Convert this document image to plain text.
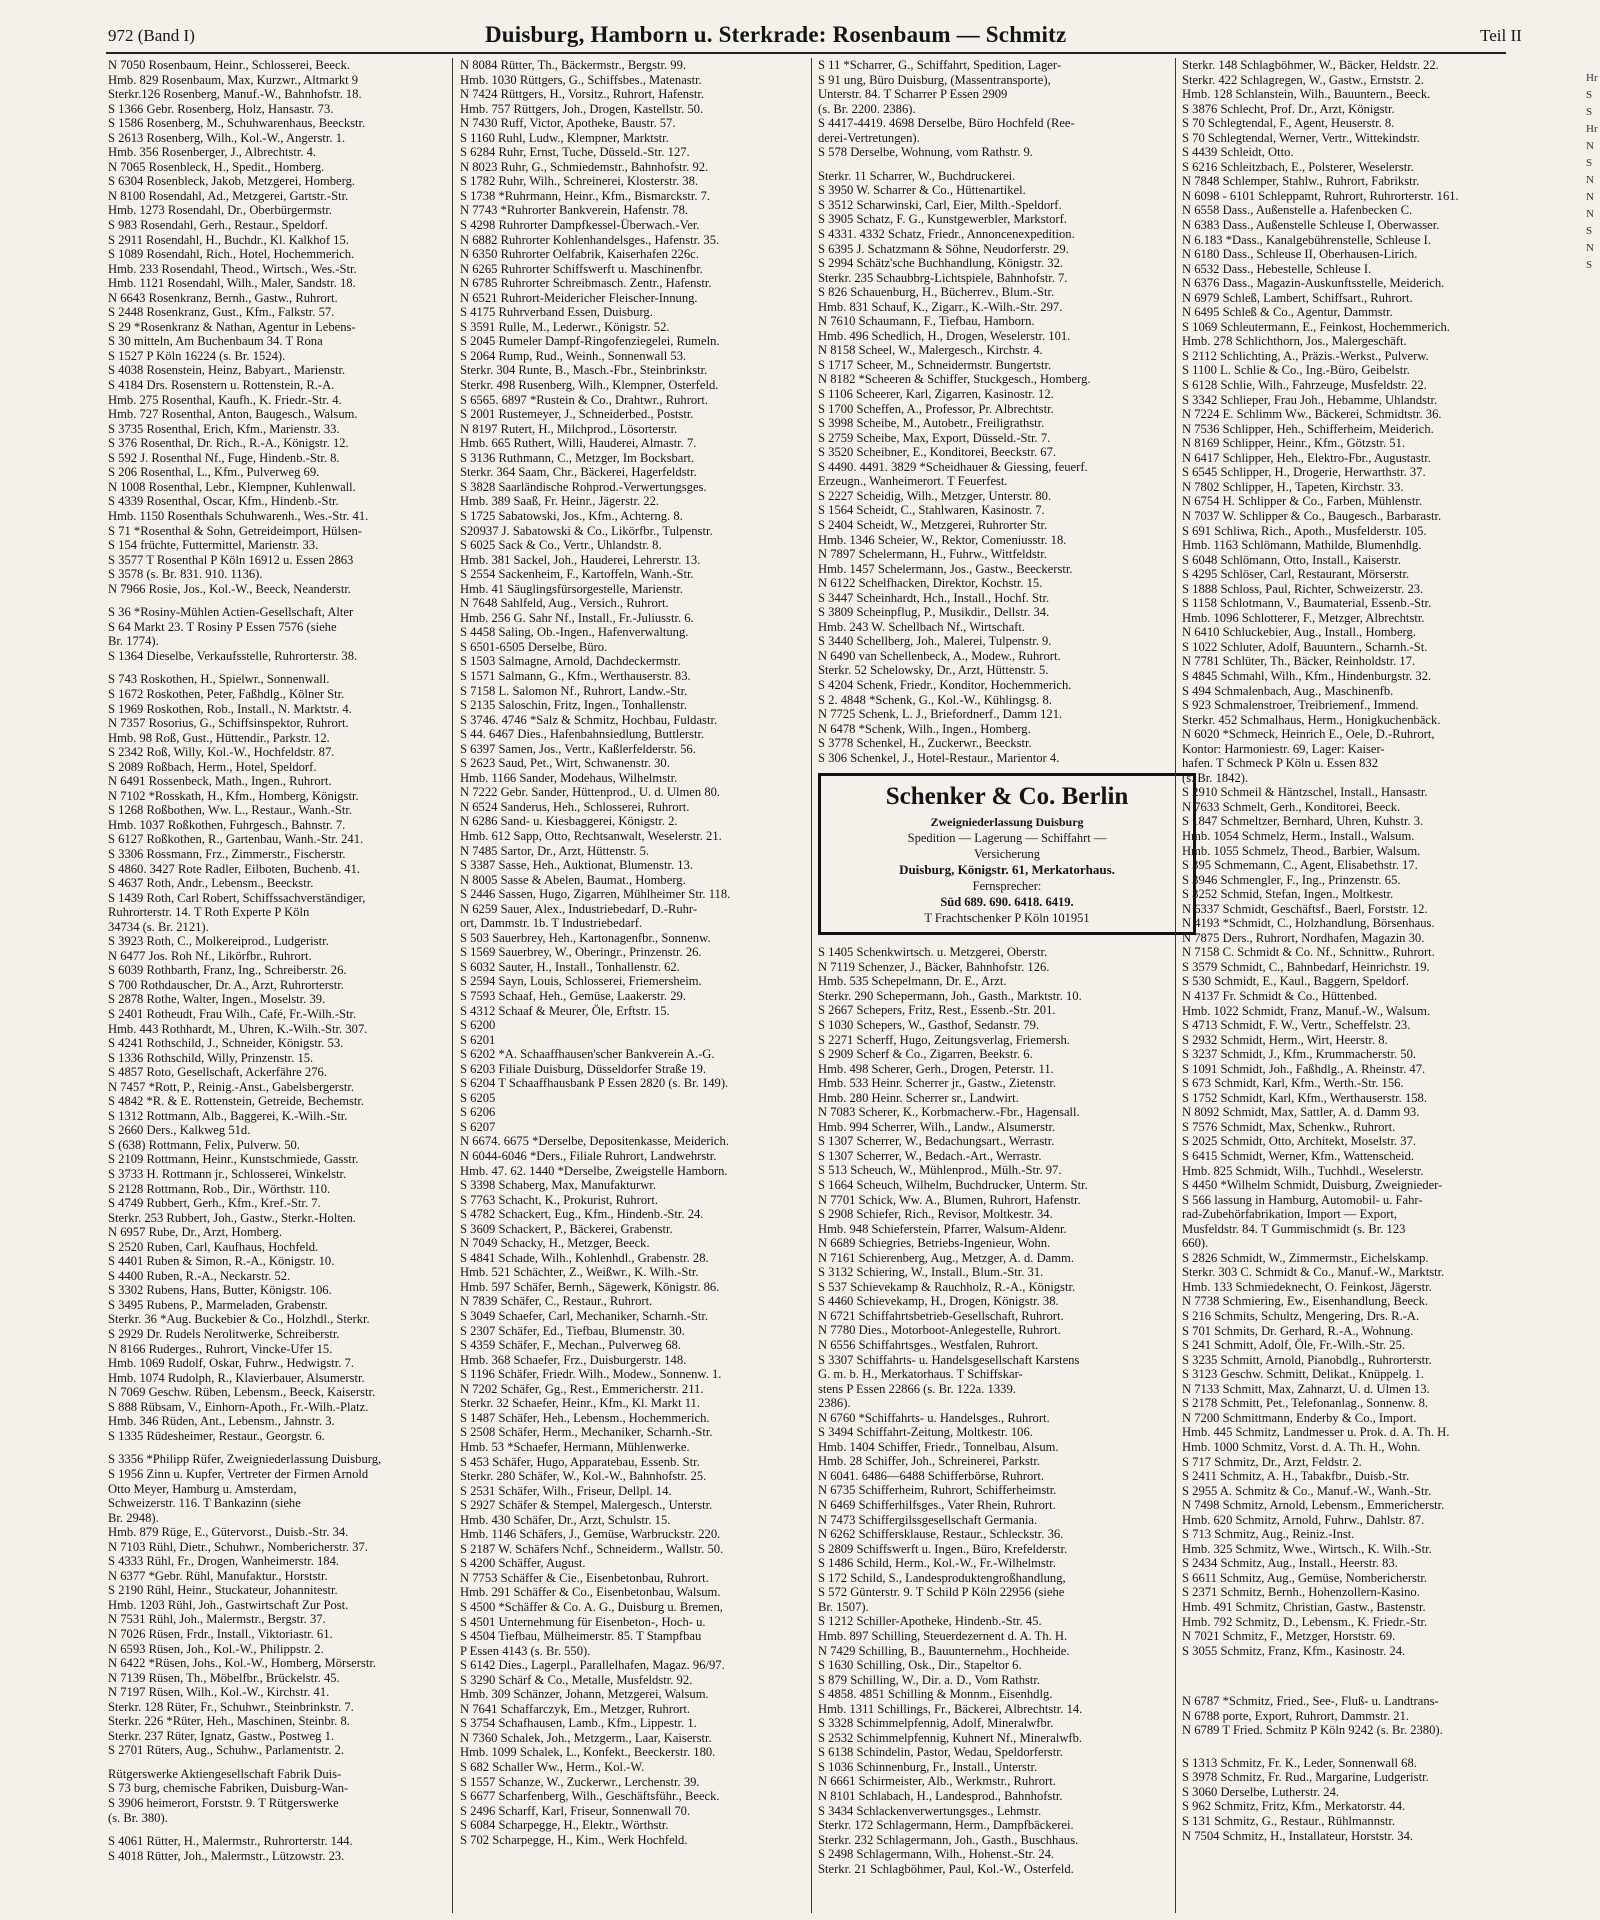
972 (Band I)	Duisburg, Hamborn u. Sterkrade: Rosenbaum — Schmitz	Teil II
N 7050 Rosenbaum, Heinr., Schlosserei, Beeck.
Hmb. 829 Rosenbaum, Max, Kurzwr., Altmarkt 9
Sterkr.126 Rosenberg, Manuf.-W., Bahnhofstr. 18.
S 1366 Gebr. Rosenberg, Holz, Hansastr. 73.
S 1586 Rosenberg, M., Schuhwarenhaus, Beeckstr.
S 2613 Rosenberg, Wilh., Kol.-W., Angerstr. 1.
Hmb. 356 Rosenberger, J., Albrechtstr. 4.
N 7065 Rosenbleck, H., Spedit., Homberg.
S 6304 Rosenbleck, Jakob, Metzgerei, Homberg.
N 8100 Rosendahl, Ad., Metzgerei, Gartstr.-Str.
Hmb. 1273 Rosendahl, Dr., Oberbürgermstr.
S 983 Rosendahl, Gerh., Restaur., Speldorf.
S 2911 Rosendahl, H., Buchdr., Kl. Kalkhof 15.
S 1089 Rosendahl, Rich., Hotel, Hochemmerich.
Hmb. 233 Rosendahl, Theod., Wirtsch., Wes.-Str.
Hmb. 1121 Rosendahl, Wilh., Maler, Sandstr. 18.
N 6643 Rosenkranz, Bernh., Gastw., Ruhrort.
S 2448 Rosenkranz, Gust., Kfm., Falkstr. 57.
S 29 *Rosenkranz & Nathan, Agentur in Lebens-
S 30 mitteln, Am Buchenbaum 34. T Rona
S 1527 P Köln 16224 (s. Br. 1524).
S 4038 Rosenstein, Heinz, Babyart., Marienstr.
S 4184 Drs. Rosenstern u. Rottenstein, R.-A.
Hmb. 275 Rosenthal, Kaufh., K. Friedr.-Str. 4.
Hmb. 727 Rosenthal, Anton, Baugesch., Walsum.
S 3735 Rosenthal, Erich, Kfm., Marienstr. 33.
S 376 Rosenthal, Dr. Rich., R.-A., Königstr. 12.
S 592 J. Rosenthal Nf., Fuge, Hindenb.-Str. 8.
S 206 Rosenthal, L., Kfm., Pulverweg 69.
N 1008 Rosenthal, Lebr., Klempner, Kuhlenwall.
S 4339 Rosenthal, Oscar, Kfm., Hindenb.-Str.
Hmb. 1150 Rosenthals Schuhwarenh., Wes.-Str. 41.
S 71 *Rosenthal & Sohn, Getreideimport, Hülsen-
S 154 früchte, Futtermittel, Marienstr. 33.
S 3577 T Rosenthal P Köln 16912 u. Essen 2863
S 3578 (s. Br. 831. 910. 1136).
N 7966 Rosie, Jos., Kol.-W., Beeck, Neanderstr.
S 36 *Rosiny-Mühlen Actien-Gesellschaft, Alter
S 64 Markt 23. T Rosiny P Essen 7576 (siehe
Br. 1774).
S 1364 Dieselbe, Verkaufsstelle, Ruhrorterstr. 38.
S 743 Roskothen, H., Spielwr., Sonnenwall.
S 1672 Roskothen, Peter, Faßhdlg., Kölner Str.
S 1969 Roskothen, Rob., Install., N. Marktstr. 4.
N 7357 Rosorius, G., Schiffsinspektor, Ruhrort.
Hmb. 98 Roß, Gust., Hüttendir., Parkstr. 12.
S 2342 Roß, Willy, Kol.-W., Hochfeldstr. 87.
S 2089 Roßbach, Herm., Hotel, Speldorf.
N 6491 Rossenbeck, Math., Ingen., Ruhrort.
N 7102 *Rosskath, H., Kfm., Homberg, Königstr.
S 1268 Roßbothen, Ww. L., Restaur., Wanh.-Str.
Hmb. 1037 Roßkothen, Fuhrgesch., Bahnstr. 7.
S 6127 Roßkothen, R., Gartenbau, Wanh.-Str. 241.
S 3306 Rossmann, Frz., Zimmerstr., Fischerstr.
S 4860. 3427 Rote Radler, Eilboten, Buchenb. 41.
S 4637 Roth, Andr., Lebensm., Beeckstr.
S 1439 Roth, Carl Robert, Schiffssachverständiger,
Ruhrorterstr. 14. T Roth Experte P Köln
34734 (s. Br. 2121).
S 3923 Roth, C., Molkereiprod., Ludgeristr.
N 6477 Jos. Roh Nf., Likörfbr., Ruhrort.
S 6039 Rothbarth, Franz, Ing., Schreiberstr. 26.
S 700 Rothdauscher, Dr. A., Arzt, Ruhrorterstr.
S 2878 Rothe, Walter, Ingen., Moselstr. 39.
S 2401 Rotheudt, Frau Wilh., Café, Fr.-Wilh.-Str.
Hmb. 443 Rothhardt, M., Uhren, K.-Wilh.-Str. 307.
S 4241 Rothschild, J., Schneider, Königstr. 53.
S 1336 Rothschild, Willy, Prinzenstr. 15.
S 4857 Roto, Gesellschaft, Ackerfähre 276.
N 7457 *Rott, P., Reinig.-Anst., Gabelsbergerstr.
S 4842 *R. & E. Rottenstein, Getreide, Bechemstr.
S 1312 Rottmann, Alb., Baggerei, K.-Wilh.-Str.
S 2660 Ders., Kalkweg 51d.
S (638) Rottmann, Felix, Pulverw. 50.
S 2109 Rottmann, Heinr., Kunstschmiede, Gasstr.
S 3733 H. Rottmann jr., Schlosserei, Winkelstr.
S 2128 Rottmann, Rob., Dir., Wörthstr. 110.
S 4749 Rubbert, Gerh., Kfm., Kref.-Str. 7.
Sterkr. 253 Rubbert, Joh., Gastw., Sterkr.-Holten.
N 6957 Rube, Dr., Arzt, Homberg.
S 2520 Ruben, Carl, Kaufhaus, Hochfeld.
S 4401 Ruben & Simon, R.-A., Königstr. 10.
S 4400 Ruben, R.-A., Neckarstr. 52.
S 3302 Rubens, Hans, Butter, Königstr. 106.
S 3495 Rubens, P., Marmeladen, Grabenstr.
Sterkr. 36 *Aug. Buckebier & Co., Holzhdl., Sterkr.
S 2929 Dr. Rudels Nerolitwerke, Schreiberstr.
N 8166 Ruderges., Ruhrort, Vincke-Ufer 15.
Hmb. 1069 Rudolf, Oskar, Fuhrw., Hedwigstr. 7.
Hmb. 1074 Rudolph, R., Klavierbauer, Alsumerstr.
N 7069 Geschw. Rüben, Lebensm., Beeck, Kaiserstr.
S 888 Rübsam, V., Einhorn-Apoth., Fr.-Wilh.-Platz.
Hmb. 346 Rüden, Ant., Lebensm., Jahnstr. 3.
S 1335 Rüdesheimer, Restaur., Georgstr. 6.
S 3356 *Philipp Rüfer, Zweigniederlassung Duisburg,
S 1956 Zinn u. Kupfer, Vertreter der Firmen Arnold
Otto Meyer, Hamburg u. Amsterdam,
Schweizerstr. 116. T Bankazinn (siehe
Br. 2948).
Hmb. 879 Rüge, E., Gütervorst., Duisb.-Str. 34.
N 7103 Rühl, Dietr., Schuhwr., Nombericherstr. 37.
S 4333 Rühl, Fr., Drogen, Wanheimerstr. 184.
N 6377 *Gebr. Rühl, Manufaktur., Horststr.
S 2190 Rühl, Heinr., Stuckateur, Johannitestr.
Hmb. 1203 Rühl, Joh., Gastwirtschaft Zur Post.
N 7531 Rühl, Joh., Malermstr., Bergstr. 37.
N 7026 Rüsen, Frdr., Install., Viktoriastr. 61.
N 6593 Rüsen, Joh., Kol.-W., Philippstr. 2.
N 6422 *Rüsen, Johs., Kol.-W., Homberg, Mörserstr.
N 7139 Rüsen, Th., Möbelfbr., Brückelstr. 45.
N 7197 Rüsen, Wilh., Kol.-W., Kirchstr. 41.
Sterkr. 128 Rüter, Fr., Schuhwr., Steinbrinkstr. 7.
Sterkr. 226 *Rüter, Heh., Maschinen, Steinbr. 8.
Sterkr. 237 Rüter, Ignatz, Gastw., Postweg 1.
S 2701 Rüters, Aug., Schuhw., Parlamentstr. 2.
Rütgerswerke Aktiengesellschaft Fabrik Duis-
S 73 burg, chemische Fabriken, Duisburg-Wan-
S 3906 heimerort, Forststr. 9. T Rütgerswerke
(s. Br. 380).
S 4061 Rütter, H., Malermstr., Ruhrorterstr. 144.
S 4018 Rütter, Joh., Malermstr., Lützowstr. 23.
N 8084 Rütter, Th., Bäckermstr., Bergstr. 99.
Hmb. 1030 Rüttgers, G., Schiffsbes., Matenastr.
N 7424 Rüttgers, H., Vorsitz., Ruhrort, Hafenstr.
Hmb. 757 Rüttgers, Joh., Drogen, Kastellstr. 50.
N 7430 Ruff, Victor, Apotheke, Baustr. 57.
S 1160 Ruhl, Ludw., Klempner, Marktstr.
S 6284 Ruhr, Ernst, Tuche, Düsseld.-Str. 127.
N 8023 Ruhr, G., Schmiedemstr., Bahnhofstr. 92.
S 1782 Ruhr, Wilh., Schreinerei, Klosterstr. 38.
S 1738 *Ruhrmann, Heinr., Kfm., Bismarckstr. 7.
N 7743 *Ruhrorter Bankverein, Hafenstr. 78.
S 4298 Ruhrorter Dampfkessel-Überwach.-Ver.
N 6882 Ruhrorter Kohlenhandelsges., Hafenstr. 35.
N 6350 Ruhrorter Oelfabrik, Kaiserhafen 226c.
N 6265 Ruhrorter Schiffswerft u. Maschinenfbr.
N 6785 Ruhrorter Schreibmasch. Zentr., Hafenstr.
N 6521 Ruhrort-Meidericher Fleischer-Innung.
S 4175 Ruhrverband Essen, Duisburg.
S 3591 Rulle, M., Lederwr., Königstr. 52.
S 2045 Rumeler Dampf-Ringofenziegelei, Rumeln.
S 2064 Rump, Rud., Weinh., Sonnenwall 53.
Sterkr. 304 Runte, B., Masch.-Fbr., Steinbrinkstr.
Sterkr. 498 Rusenberg, Wilh., Klempner, Osterfeld.
S 6565. 6897 *Rustein & Co., Drahtwr., Ruhrort.
S 2001 Rustemeyer, J., Schneiderbed., Poststr.
N 8197 Rutert, H., Milchprod., Lösorterstr.
Hmb. 665 Ruthert, Willi, Hauderei, Almastr. 7.
S 3136 Ruthmann, C., Metzger, Im Bocksbart.
Sterkr. 364 Saam, Chr., Bäckerei, Hagerfeldstr.
S 3828 Saarländische Rohprod.-Verwertungsges.
Hmb. 389 Saaß, Fr. Heinr., Jägerstr. 22.
S 1725 Sabatowski, Jos., Kfm., Achterng. 8.
S20937 J. Sabatowski & Co., Likörfbr., Tulpenstr.
S 6025 Sack & Co., Vertr., Uhlandstr. 8.
Hmb. 381 Sackel, Joh., Hauderei, Lehrerstr. 13.
S 2554 Sackenheim, F., Kartoffeln, Wanh.-Str.
Hmb. 41 Säuglingsfürsorgestelle, Marienstr.
N 7648 Sahlfeld, Aug., Versich., Ruhrort.
Hmb. 256 G. Sahr Nf., Install., Fr.-Juliusstr. 6.
S 4458 Saling, Ob.-Ingen., Hafenverwaltung.
S 6501-6505 Derselbe, Büro.
S 1503 Salmagne, Arnold, Dachdeckermstr.
S 1571 Salmann, G., Kfm., Werthauserstr. 83.
S 7158 L. Salomon Nf., Ruhrort, Landw.-Str.
S 2135 Saloschin, Fritz, Ingen., Tonhallenstr.
S 3746. 4746 *Salz & Schmitz, Hochbau, Fuldastr.
S 44. 6467 Dies., Hafenbahnsiedlung, Buttlerstr.
S 6397 Samen, Jos., Vertr., Kaßlerfelderstr. 56.
S 2623 Saud, Pet., Wirt, Schwanenstr. 30.
Hmb. 1166 Sander, Modehaus, Wilhelmstr.
N 7222 Gebr. Sander, Hüttenprod., U. d. Ulmen 80.
N 6524 Sanderus, Heh., Schlosserei, Ruhrort.
N 6286 Sand- u. Kiesbaggerei, Königstr. 2.
Hmb. 612 Sapp, Otto, Rechtsanwalt, Weselerstr. 21.
N 7485 Sartor, Dr., Arzt, Hüttenstr. 5.
S 3387 Sasse, Heh., Auktionat, Blumenstr. 13.
N 8005 Sasse & Abelen, Baumat., Homberg.
S 2446 Sassen, Hugo, Zigarren, Mühlheimer Str. 118.
N 6259 Sauer, Alex., Industriebedarf, D.-Ruhr-
ort, Dammstr. 1b. T Industriebedarf.
S 503 Sauerbrey, Heh., Kartonagenfbr., Sonnenw.
S 1569 Sauerbrey, W., Oberingr., Prinzenstr. 26.
S 6032 Sauter, H., Install., Tonhallenstr. 62.
S 2594 Sayn, Louis, Schlosserei, Friemersheim.
S 7593 Schaaf, Heh., Gemüse, Laakerstr. 29.
S 4312 Schaaf & Meurer, Öle, Erftstr. 15.
S 6200
S 6201
S 6202 *A. Schaaffhausen'scher Bankverein A.-G.
S 6203 Filiale Duisburg, Düsseldorfer Straße 19.
S 6204 T Schaaffhausbank P Essen 2820 (s. Br. 149).
S 6205
S 6206
S 6207
N 6674. 6675 *Derselbe, Depositenkasse, Meiderich.
N 6044-6046 *Ders., Filiale Ruhrort, Landwehrstr.
Hmb. 47. 62. 1440 *Derselbe, Zweigstelle Hamborn.
S 3398 Schaberg, Max, Manufakturwr.
S 7763 Schacht, K., Prokurist, Ruhrort.
S 4782 Schackert, Eug., Kfm., Hindenb.-Str. 24.
S 3609 Schackert, P., Bäckerei, Grabenstr.
N 7049 Schacky, H., Metzger, Beeck.
S 4841 Schade, Wilh., Kohlenhdl., Grabenstr. 28.
Hmb. 521 Schächter, Z., Weißwr., K. Wilh.-Str.
Hmb. 597 Schäfer, Bernh., Sägewerk, Königstr. 86.
N 7839 Schäfer, C., Restaur., Ruhrort.
S 3049 Schaefer, Carl, Mechaniker, Scharnh.-Str.
S 2307 Schäfer, Ed., Tiefbau, Blumenstr. 30.
S 4359 Schäfer, F., Mechan., Pulverweg 68.
Hmb. 368 Schaefer, Frz., Duisburgerstr. 148.
S 1196 Schäfer, Friedr. Wilh., Modew., Sonnenw. 1.
N 7202 Schäfer, Gg., Rest., Emmericherstr. 211.
Sterkr. 32 Schaefer, Heinr., Kfm., Kl. Markt 11.
S 1487 Schäfer, Heh., Lebensm., Hochemmerich.
S 2508 Schäfer, Herm., Mechaniker, Scharnh.-Str.
Hmb. 53 *Schaefer, Hermann, Mühlenwerke.
S 453 Schäfer, Hugo, Apparatebau, Essenb. Str.
Sterkr. 280 Schäfer, W., Kol.-W., Bahnhofstr. 25.
S 2531 Schäfer, Wilh., Friseur, Dellpl. 14.
S 2927 Schäfer & Stempel, Malergesch., Unterstr.
Hmb. 430 Schäfer, Dr., Arzt, Schulstr. 15.
Hmb. 1146 Schäfers, J., Gemüse, Warbruckstr. 220.
S 2187 W. Schäfers Nchf., Schneiderm., Wallstr. 50.
S 4200 Schäffer, August.
N 7753 Schäffer & Cie., Eisenbetonbau, Ruhrort.
Hmb. 291 Schäffer & Co., Eisenbetonbau, Walsum.
S 4500 *Schäffer & Co. A. G., Duisburg u. Bremen,
S 4501 Unternehmung für Eisenbeton-, Hoch- u.
S 4504 Tiefbau, Mülheimerstr. 85. T Stampfbau
P Essen 4143 (s. Br. 550).
S 6142 Dies., Lagerpl., Parallelhafen, Magaz. 96/97.
S 3290 Schärf & Co., Metalle, Musfeldstr. 92.
Hmb. 309 Schänzer, Johann, Metzgerei, Walsum.
N 7641 Schaffarczyk, Em., Metzger, Ruhrort.
S 3754 Schafhausen, Lamb., Kfm., Lippestr. 1.
N 7360 Schalek, Joh., Metzgerm., Laar, Kaiserstr.
Hmb. 1099 Schalek, L., Konfekt., Beeckerstr. 180.
S 682 Schaller Ww., Herm., Kol.-W.
S 1557 Schanze, W., Zuckerwr., Lerchenstr. 39.
S 6677 Scharfenberg, Wilh., Geschäftsführ., Beeck.
S 2496 Scharff, Karl, Friseur, Sonnenwall 70.
S 6084 Scharpegge, H., Elektr., Wörthstr.
S 702 Scharpegge, H., Kim., Werk Hochfeld.
S 11 *Scharrer, G., Schiffahrt, Spedition, Lager-
S 91 ung, Büro Duisburg, (Massentransporte),
Unterstr. 84. T Scharrer P Essen 2909
(s. Br. 2200. 2386).
S 4417-4419. 4698 Derselbe, Büro Hochfeld (Ree-
derei-Vertretungen).
S 578 Derselbe, Wohnung, vom Rathstr. 9.
Sterkr. 11 Scharrer, W., Buchdruckerei.
S 3950 W. Scharrer & Co., Hüttenartikel.
S 3512 Scharwinski, Carl, Eier, Milth.-Speldorf.
S 3905 Schatz, F. G., Kunstgewerbler, Markstorf.
S 4331. 4332 Schatz, Friedr., Annoncenexpedition.
S 6395 J. Schatzmann & Söhne, Neudorferstr. 29.
S 2994 Schätz'sche Buchhandlung, Königstr. 32.
Sterkr. 235 Schaubbrg-Lichtspiele, Bahnhofstr. 7.
S 826 Schauenburg, H., Bücherrev., Blum.-Str.
Hmb. 831 Schauf, K., Zigarr., K.-Wilh.-Str. 297.
N 7610 Schaumann, F., Tiefbau, Hamborn.
Hmb. 496 Schedlich, H., Drogen, Weselerstr. 101.
N 8158 Scheel, W., Malergesch., Kirchstr. 4.
S 1717 Scheer, M., Schneidermstr. Bungertstr.
N 8182 *Scheeren & Schiffer, Stuckgesch., Homberg.
S 1106 Scheerer, Karl, Zigarren, Kasinostr. 12.
S 1700 Scheffen, A., Professor, Pr. Albrechtstr.
S 3998 Scheibe, M., Autobetr., Freiligrathstr.
S 2759 Scheibe, Max, Export, Düsseld.-Str. 7.
S 3520 Scheibner, E., Konditorei, Beeckstr. 67.
S 4490. 4491. 3829 *Scheidhauer & Giessing, feuerf.
Erzeugn., Wanheimerort. T Feuerfest.
S 2227 Scheidig, Wilh., Metzger, Unterstr. 80.
S 1564 Scheidt, C., Stahlwaren, Kasinostr. 7.
S 2404 Scheidt, W., Metzgerei, Ruhrorter Str.
Hmb. 1346 Scheier, W., Rektor, Comeniusstr. 18.
N 7897 Schelermann, H., Fuhrw., Wittfeldstr.
Hmb. 1457 Schelermann, Jos., Gastw., Beeckerstr.
N 6122 Schelfhacken, Direktor, Kochstr. 15.
S 3447 Scheinhardt, Hch., Install., Hochf. Str.
S 3809 Scheinpflug, P., Musikdir., Dellstr. 34.
Hmb. 243 W. Schellbach Nf., Wirtschaft.
S 3440 Schellberg, Joh., Malerei, Tulpenstr. 9.
N 6490 van Schellenbeck, A., Modew., Ruhrort.
Sterkr. 52 Schelowsky, Dr., Arzt, Hüttenstr. 5.
S 4204 Schenk, Friedr., Konditor, Hochemmerich.
S 2. 4848 *Schenk, G., Kol.-W., Kühlingsg. 8.
N 7725 Schenk, L. J., Briefordnerf., Damm 121.
N 6478 *Schenk, Wilh., Ingen., Homberg.
S 3778 Schenkel, H., Zuckerwr., Beeckstr.
S 306 Schenkel, J., Hotel-Restaur., Marientor 4.
Schenker & Co. Berlin
Zweigniederlassung Duisburg
Spedition — Lagerung — Schiffahrt —
Versicherung
Duisburg, Königstr. 61, Merkatorhaus.
Fernsprecher:
Süd 689. 690. 6418. 6419.
T Frachtschenker P Köln 101951
S 1405 Schenkwirtsch. u. Metzgerei, Oberstr.
N 7119 Schenzer, J., Bäcker, Bahnhofstr. 126.
Hmb. 535 Schepelmann, Dr. E., Arzt.
Sterkr. 290 Schepermann, Joh., Gasth., Marktstr. 10.
S 2667 Schepers, Fritz, Rest., Essenb.-Str. 201.
S 1030 Schepers, W., Gasthof, Sedanstr. 79.
S 2271 Scherff, Hugo, Zeitungsverlag, Friemersh.
S 2909 Scherf & Co., Zigarren, Beekstr. 6.
Hmb. 498 Scherer, Gerh., Drogen, Peterstr. 11.
Hmb. 533 Heinr. Scherrer jr., Gastw., Zietenstr.
Hmb. 280 Heinr. Scherrer sr., Landwirt.
N 7083 Scherer, K., Korbmacherw.-Fbr., Hagensall.
Hmb. 994 Scherrer, Wilh., Landw., Alsumerstr.
S 1307 Scherrer, W., Bedachungsart., Werrastr.
S 1307 Scherrer, W., Bedach.-Art., Werrastr.
S 513 Scheuch, W., Mühlenprod., Mülh.-Str. 97.
S 1664 Scheuch, Wilhelm, Buchdrucker, Unterm. Str.
N 7701 Schick, Ww. A., Blumen, Ruhrort, Hafenstr.
S 2908 Schiefer, Rich., Revisor, Moltkestr. 34.
Hmb. 948 Schieferstein, Pfarrer, Walsum-Aldenr.
N 6689 Schiegries, Betriebs-Ingenieur, Wohn.
N 7161 Schierenberg, Aug., Metzger, A. d. Damm.
S 3132 Schiering, W., Install., Blum.-Str. 31.
S 537 Schievekamp & Rauchholz, R.-A., Königstr.
S 4460 Schievekamp, H., Drogen, Königstr. 38.
N 6721 Schiffahrtsbetrieb-Gesellschaft, Ruhrort.
N 7780 Dies., Motorboot-Anlegestelle, Ruhrort.
N 6556 Schiffahrtsges., Westfalen, Ruhrort.
S 3307 Schiffahrts- u. Handelsgesellschaft Karstens
G. m. b. H., Merkatorhaus. T Schiffskar-
stens P Essen 22866 (s. Br. 122a. 1339.
2386).
N 6760 *Schiffahrts- u. Handelsges., Ruhrort.
S 3494 Schiffahrt-Zeitung, Moltkestr. 106.
Hmb. 1404 Schiffer, Friedr., Tonnelbau, Alsum.
Hmb. 28 Schiffer, Joh., Schreinerei, Parkstr.
N 6041. 6486—6488 Schifferbörse, Ruhrort.
N 6735 Schifferheim, Ruhrort, Schifferheimstr.
N 6469 Schifferhilfsges., Vater Rhein, Ruhrort.
N 7473 Schiffergilssgesellschaft Germania.
N 6262 Schiffersklause, Restaur., Schleckstr. 36.
S 2809 Schiffswerft u. Ingen., Büro, Krefelderstr.
S 1486 Schild, Herm., Kol.-W., Fr.-Wilhelmstr.
S 172 Schild, S., Landesproduktengroßhandlung,
S 572 Günterstr. 9. T Schild P Köln 22956 (siehe
Br. 1507).
S 1212 Schiller-Apotheke, Hindenb.-Str. 45.
Hmb. 897 Schilling, Steuerdezernent d. A. Th. H.
N 7429 Schilling, B., Bauunternehm., Hochheide.
S 1630 Schilling, Osk., Dir., Stapeltor 6.
S 879 Schilling, W., Dir. a. D., Vom Rathstr.
S 4858. 4851 Schilling & Monnm., Eisenhdlg.
Hmb. 1311 Schillings, Fr., Bäckerei, Albrechtstr. 14.
S 3328 Schimmelpfennig, Adolf, Mineralwfbr.
S 2532 Schimmelpfennig, Kuhnert Nf., Mineralwfb.
S 6138 Schindelin, Pastor, Wedau, Speldorferstr.
S 1036 Schinnenburg, Fr., Install., Unterstr.
N 6661 Schirmeister, Alb., Werkmstr., Ruhrort.
N 8101 Schlabach, H., Landesprod., Bahnhofstr.
S 3434 Schlackenverwertungsges., Lehmstr.
Sterkr. 172 Schlagermann, Herm., Dampfbäckerei.
Sterkr. 232 Schlagermann, Joh., Gasth., Buschhaus.
S 2498 Schlagermann, Wilh., Hohenst.-Str. 24.
Sterkr. 21 Schlagböhmer, Paul, Kol.-W., Osterfeld.
Sterkr. 148 Schlagböhmer, W., Bäcker, Heldstr. 22.
Sterkr. 422 Schlagregen, W., Gastw., Ernststr. 2.
Hmb. 128 Schlanstein, Wilh., Bauuntern., Beeck.
S 3876 Schlecht, Prof. Dr., Arzt, Königstr.
S 70 Schlegtendal, F., Agent, Heuserstr. 8.
S 70 Schlegtendal, Werner, Vertr., Wittekindstr.
S 4439 Schleidt, Otto.
S 6216 Schleitzbach, E., Polsterer, Weselerstr.
N 7848 Schlemper, Stahlw., Ruhrort, Fabrikstr.
N 6098 - 6101 Schleppamt, Ruhrort, Ruhrorterstr. 161.
N 6558 Dass., Außenstelle a. Hafenbecken C.
N 6383 Dass., Außenstelle Schleuse I, Oberwasser.
N 6.183 *Dass., Kanalgebührenstelle, Schleuse I.
N 6180 Dass., Schleuse II, Oberhausen-Lirich.
N 6532 Dass., Hebestelle, Schleuse I.
N 6376 Dass., Magazin-Auskunftsstelle, Meiderich.
N 6979 Schleß, Lambert, Schiffsart., Ruhrort.
N 6495 Schleß & Co., Agentur, Dammstr.
S 1069 Schleutermann, E., Feinkost, Hochemmerich.
Hmb. 278 Schlichthorn, Jos., Malergeschäft.
S 2112 Schlichting, A., Präzis.-Werkst., Pulverw.
S 1100 L. Schlie & Co., Ing.-Büro, Geibelstr.
S 6128 Schlie, Wilh., Fahrzeuge, Musfeldstr. 22.
S 3342 Schlieper, Frau Joh., Hebamme, Uhlandstr.
N 7224 E. Schlimm Ww., Bäckerei, Schmidtstr. 36.
N 7536 Schlipper, Heh., Schifferheim, Meiderich.
N 8169 Schlipper, Heinr., Kfm., Götzstr. 51.
N 6417 Schlipper, Heh., Elektro-Fbr., Augustastr.
S 6545 Schlipper, H., Drogerie, Herwarthstr. 37.
N 7802 Schlipper, H., Tapeten, Kirchstr. 33.
N 6754 H. Schlipper & Co., Farben, Mühlenstr.
N 7037 W. Schlipper & Co., Baugesch., Barbarastr.
S 691 Schliwa, Rich., Apoth., Musfelderstr. 105.
Hmb. 1163 Schlömann, Mathilde, Blumenhdlg.
S 6048 Schlömann, Otto, Install., Kaiserstr.
S 4295 Schlöser, Carl, Restaurant, Mörserstr.
S 1888 Schloss, Paul, Richter, Schweizerstr. 23.
S 1158 Schlotmann, V., Baumaterial, Essenb.-Str.
Hmb. 1096 Schlotterer, F., Metzger, Albrechtstr.
N 6410 Schluckebier, Aug., Install., Homberg.
S 1022 Schluter, Adolf, Bauuntern., Scharnh.-St.
N 7781 Schlüter, Th., Bäcker, Reinholdstr. 17.
S 4845 Schmahl, Wilh., Kfm., Hindenburgstr. 32.
S 494 Schmalenbach, Aug., Maschinenfb.
S 923 Schmalenstroer, Treibriemenf., Immend.
Sterkr. 452 Schmalhaus, Herm., Honigkuchenbäck.
N 6020 *Schmeck, Heinrich E., Oele, D.-Ruhrort,
Kontor: Harmoniestr. 69, Lager: Kaiser-
hafen. T Schmeck P Köln u. Essen 832
(s. Br. 1842).
S 2910 Schmeil & Häntzschel, Install., Hansastr.
N 7633 Schmelt, Gerh., Konditorei, Beeck.
S 1847 Schmeltzer, Bernhard, Uhren, Kuhstr. 3.
Hmb. 1054 Schmelz, Herm., Install., Walsum.
Hmb. 1055 Schmelz, Theod., Barbier, Walsum.
S 395 Schmemann, C., Agent, Elisabethstr. 17.
S 3946 Schmengler, F., Ing., Prinzenstr. 65.
S 3252 Schmid, Stefan, Ingen., Moltkestr.
N 6337 Schmidt, Geschäftsf., Baerl, Forststr. 12.
N 4193 *Schmidt, C., Holzhandlung, Börsenhaus.
N 7875 Ders., Ruhrort, Nordhafen, Magazin 30.
N 7158 C. Schmidt & Co. Nf., Schnittw., Ruhrort.
S 3579 Schmidt, C., Bahnbedarf, Heinrichstr. 19.
S 530 Schmidt, E., Kaul., Baggern, Speldorf.
N 4137 Fr. Schmidt & Co., Hüttenbed.
Hmb. 1022 Schmidt, Franz, Manuf.-W., Walsum.
S 4713 Schmidt, F. W., Vertr., Scheffelstr. 23.
S 2932 Schmidt, Herm., Wirt, Heerstr. 8.
S 3237 Schmidt, J., Kfm., Krummacherstr. 50.
S 1091 Schmidt, Joh., Faßhdlg., A. Rheinstr. 47.
S 673 Schmidt, Karl, Kfm., Werth.-Str. 156.
S 1752 Schmidt, Karl, Kfm., Werthauserstr. 158.
N 8092 Schmidt, Max, Sattler, A. d. Damm 93.
S 7576 Schmidt, Max, Schenkw., Ruhrort.
S 2025 Schmidt, Otto, Architekt, Moselstr. 37.
S 6415 Schmidt, Werner, Kfm., Wattenscheid.
Hmb. 825 Schmidt, Wilh., Tuchhdl., Weselerstr.
S 4450 *Wilhelm Schmidt, Duisburg, Zweignieder-
S 566 lassung in Hamburg, Automobil- u. Fahr-
rad-Zubehörfabrikation, Import — Export,
Musfeldstr. 84. T Gummischmidt (s. Br. 123
660).
S 2826 Schmidt, W., Zimmermstr., Eichelskamp.
Sterkr. 303 C. Schmidt & Co., Manuf.-W., Marktstr.
Hmb. 133 Schmiedeknecht, O. Feinkost, Jägerstr.
N 7738 Schmiering, Ew., Eisenhandlung, Beeck.
S 216 Schmits, Schultz, Mengering, Drs. R.-A.
S 701 Schmits, Dr. Gerhard, R.-A., Wohnung.
S 241 Schmitt, Adolf, Öle, Fr.-Wilh.-Str. 25.
S 3235 Schmitt, Arnold, Pianobdlg., Ruhrorterstr.
S 3123 Geschw. Schmitt, Delikat., Knüppelg. 1.
N 7133 Schmitt, Max, Zahnarzt, U. d. Ulmen 13.
S 2178 Schmitt, Pet., Telefonanlag., Sonnenw. 8.
N 7200 Schmittmann, Enderby & Co., Import.
Hmb. 445 Schmitz, Landmesser u. Prok. d. A. Th. H.
Hmb. 1000 Schmitz, Vorst. d. A. Th. H., Wohn.
S 717 Schmitz, Dr., Arzt, Feldstr. 2.
S 2411 Schmitz, A. H., Tabakfbr., Duisb.-Str.
S 2955 A. Schmitz & Co., Manuf.-W., Wanh.-Str.
N 7498 Schmitz, Arnold, Lebensm., Emmericherstr.
Hmb. 620 Schmitz, Arnold, Fuhrw., Dahlstr. 87.
S 713 Schmitz, Aug., Reiniz.-Inst.
Hmb. 325 Schmitz, Wwe., Wirtsch., K. Wilh.-Str.
S 2434 Schmitz, Aug., Install., Heerstr. 83.
S 6611 Schmitz, Aug., Gemüse, Nombericherstr.
S 2371 Schmitz, Bernh., Hohenzollern-Kasino.
Hmb. 491 Schmitz, Christian, Gastw., Bastenstr.
Hmb. 792 Schmitz, D., Lebensm., K. Friedr.-Str.
N 7021 Schmitz, F., Metzger, Horststr. 69.
S 3055 Schmitz, Franz, Kfm., Kasinostr. 24.
N 6787 *Schmitz, Fried., See-, Fluß- u. Landtrans-
N 6788 porte, Export, Ruhrort, Dammstr. 21.
N 6789 T Fried. Schmitz P Köln 9242 (s. Br. 2380).
S 1313 Schmitz, Fr. K., Leder, Sonnenwall 68.
S 3978 Schmitz, Fr. Rud., Margarine, Ludgeristr.
S 3060 Derselbe, Lutherstr. 24.
S 962 Schmitz, Fritz, Kfm., Merkatorstr. 44.
S 131 Schmitz, G., Restaur., Rühlmannstr.
N 7504 Schmitz, H., Installateur, Horststr. 34.
Hr
S
S
Hr
N
S
N
N
N
S
N
S
